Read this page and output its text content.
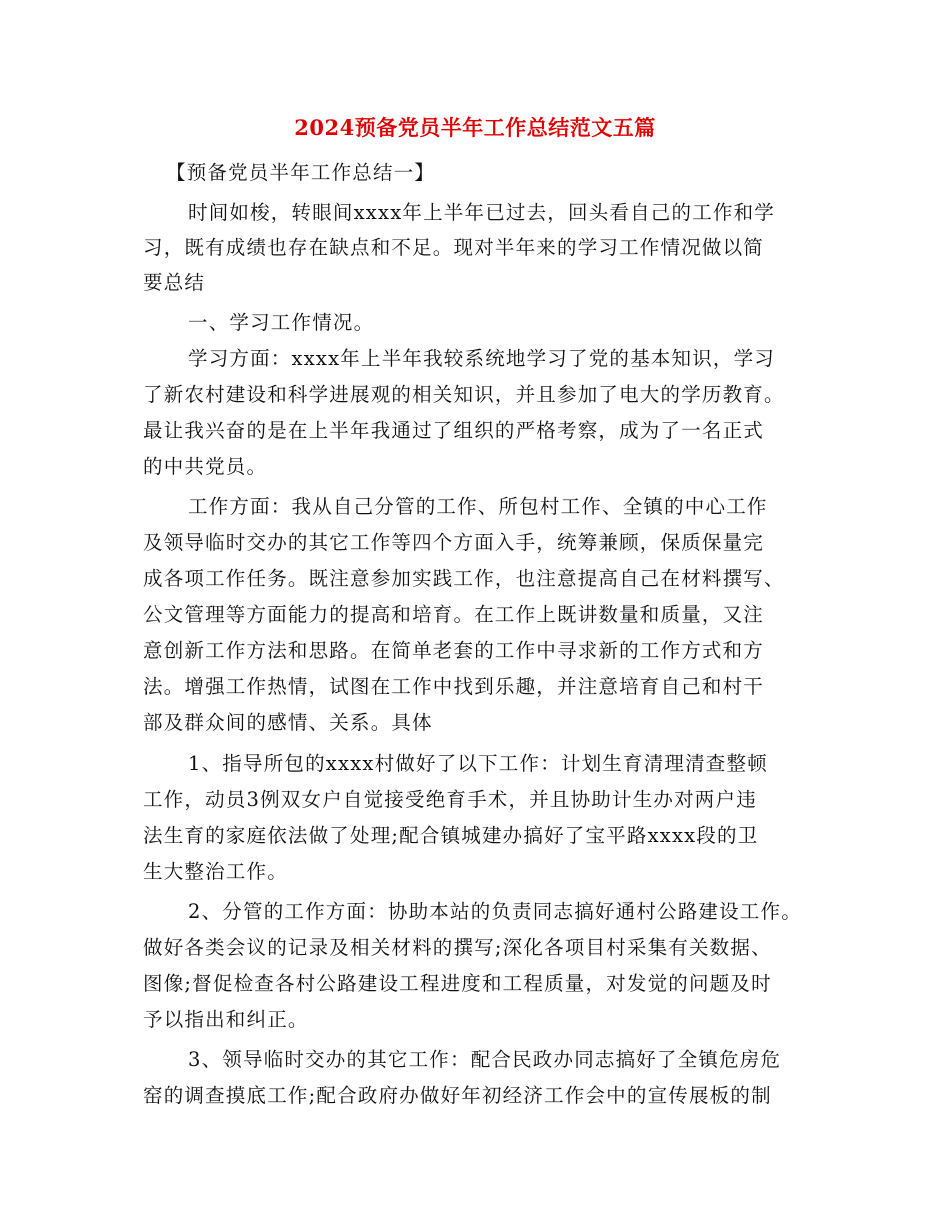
2024预备党员半年工作总结范文五篇
【预备党员半年工作总结一】
时间如梭，转眼间xxxx年上半年已过去，回头看自己的工作和学
习，既有成绩也存在缺点和不足。现对半年来的学习工作情况做以简
要总结
一、学习工作情况。
学习方面：xxxx年上半年我较系统地学习了党的基本知识，学习
了新农村建设和科学进展观的相关知识，并且参加了电大的学历教育。
最让我兴奋的是在上半年我通过了组织的严格考察，成为了一名正式
的中共党员。
工作方面：我从自己分管的工作、所包村工作、全镇的中心工作
及领导临时交办的其它工作等四个方面入手，统筹兼顾，保质保量完
成各项工作任务。既注意参加实践工作，也注意提高自己在材料撰写、
公文管理等方面能力的提高和培育。在工作上既讲数量和质量，又注
意创新工作方法和思路。在简单老套的工作中寻求新的工作方式和方
法。增强工作热情，试图在工作中找到乐趣，并注意培育自己和村干
部及群众间的感情、关系。具体
1、指导所包的xxxx村做好了以下工作：计划生育清理清查整顿
工作，动员3例双女户自觉接受绝育手术，并且协助计生办对两户违
法生育的家庭依法做了处理;配合镇城建办搞好了宝平路xxxx段的卫
生大整治工作。
2、分管的工作方面：协助本站的负责同志搞好通村公路建设工作。
做好各类会议的记录及相关材料的撰写;深化各项目村采集有关数据、
图像;督促检查各村公路建设工程进度和工程质量，对发觉的问题及时
予以指出和纠正。
3、领导临时交办的其它工作：配合民政办同志搞好了全镇危房危
窑的调查摸底工作;配合政府办做好年初经济工作会中的宣传展板的制
